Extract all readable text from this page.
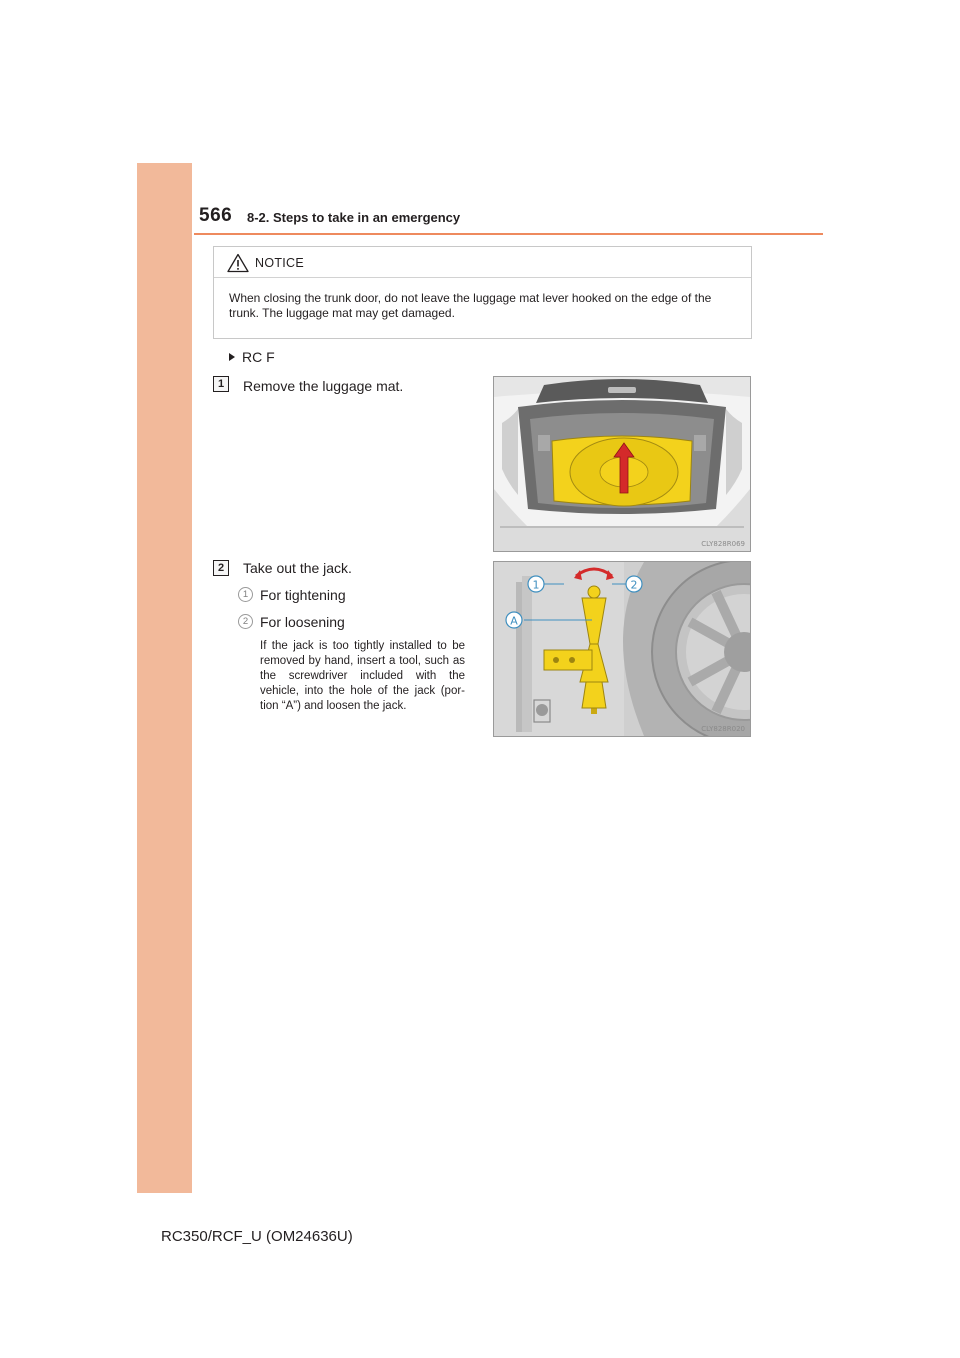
566 8-2. Steps to take in an emergency
NOTICE
When closing the trunk door, do not leave the luggage mat lever hooked on the edge of the trunk. The luggage mat may get damaged.
RC F
1	Remove the luggage mat.
CLY828R069
2	Take out the jack.
1 For tightening
2 For loosening
If the jack is too tightly installed to be removed by hand, insert a tool, such as the screwdriver included with the vehicle, into the hole of the jack (por-tion “A”) and loosen the jack.
1	2
A
CLY828R020
RC350/RCF_U (OM24636U)
